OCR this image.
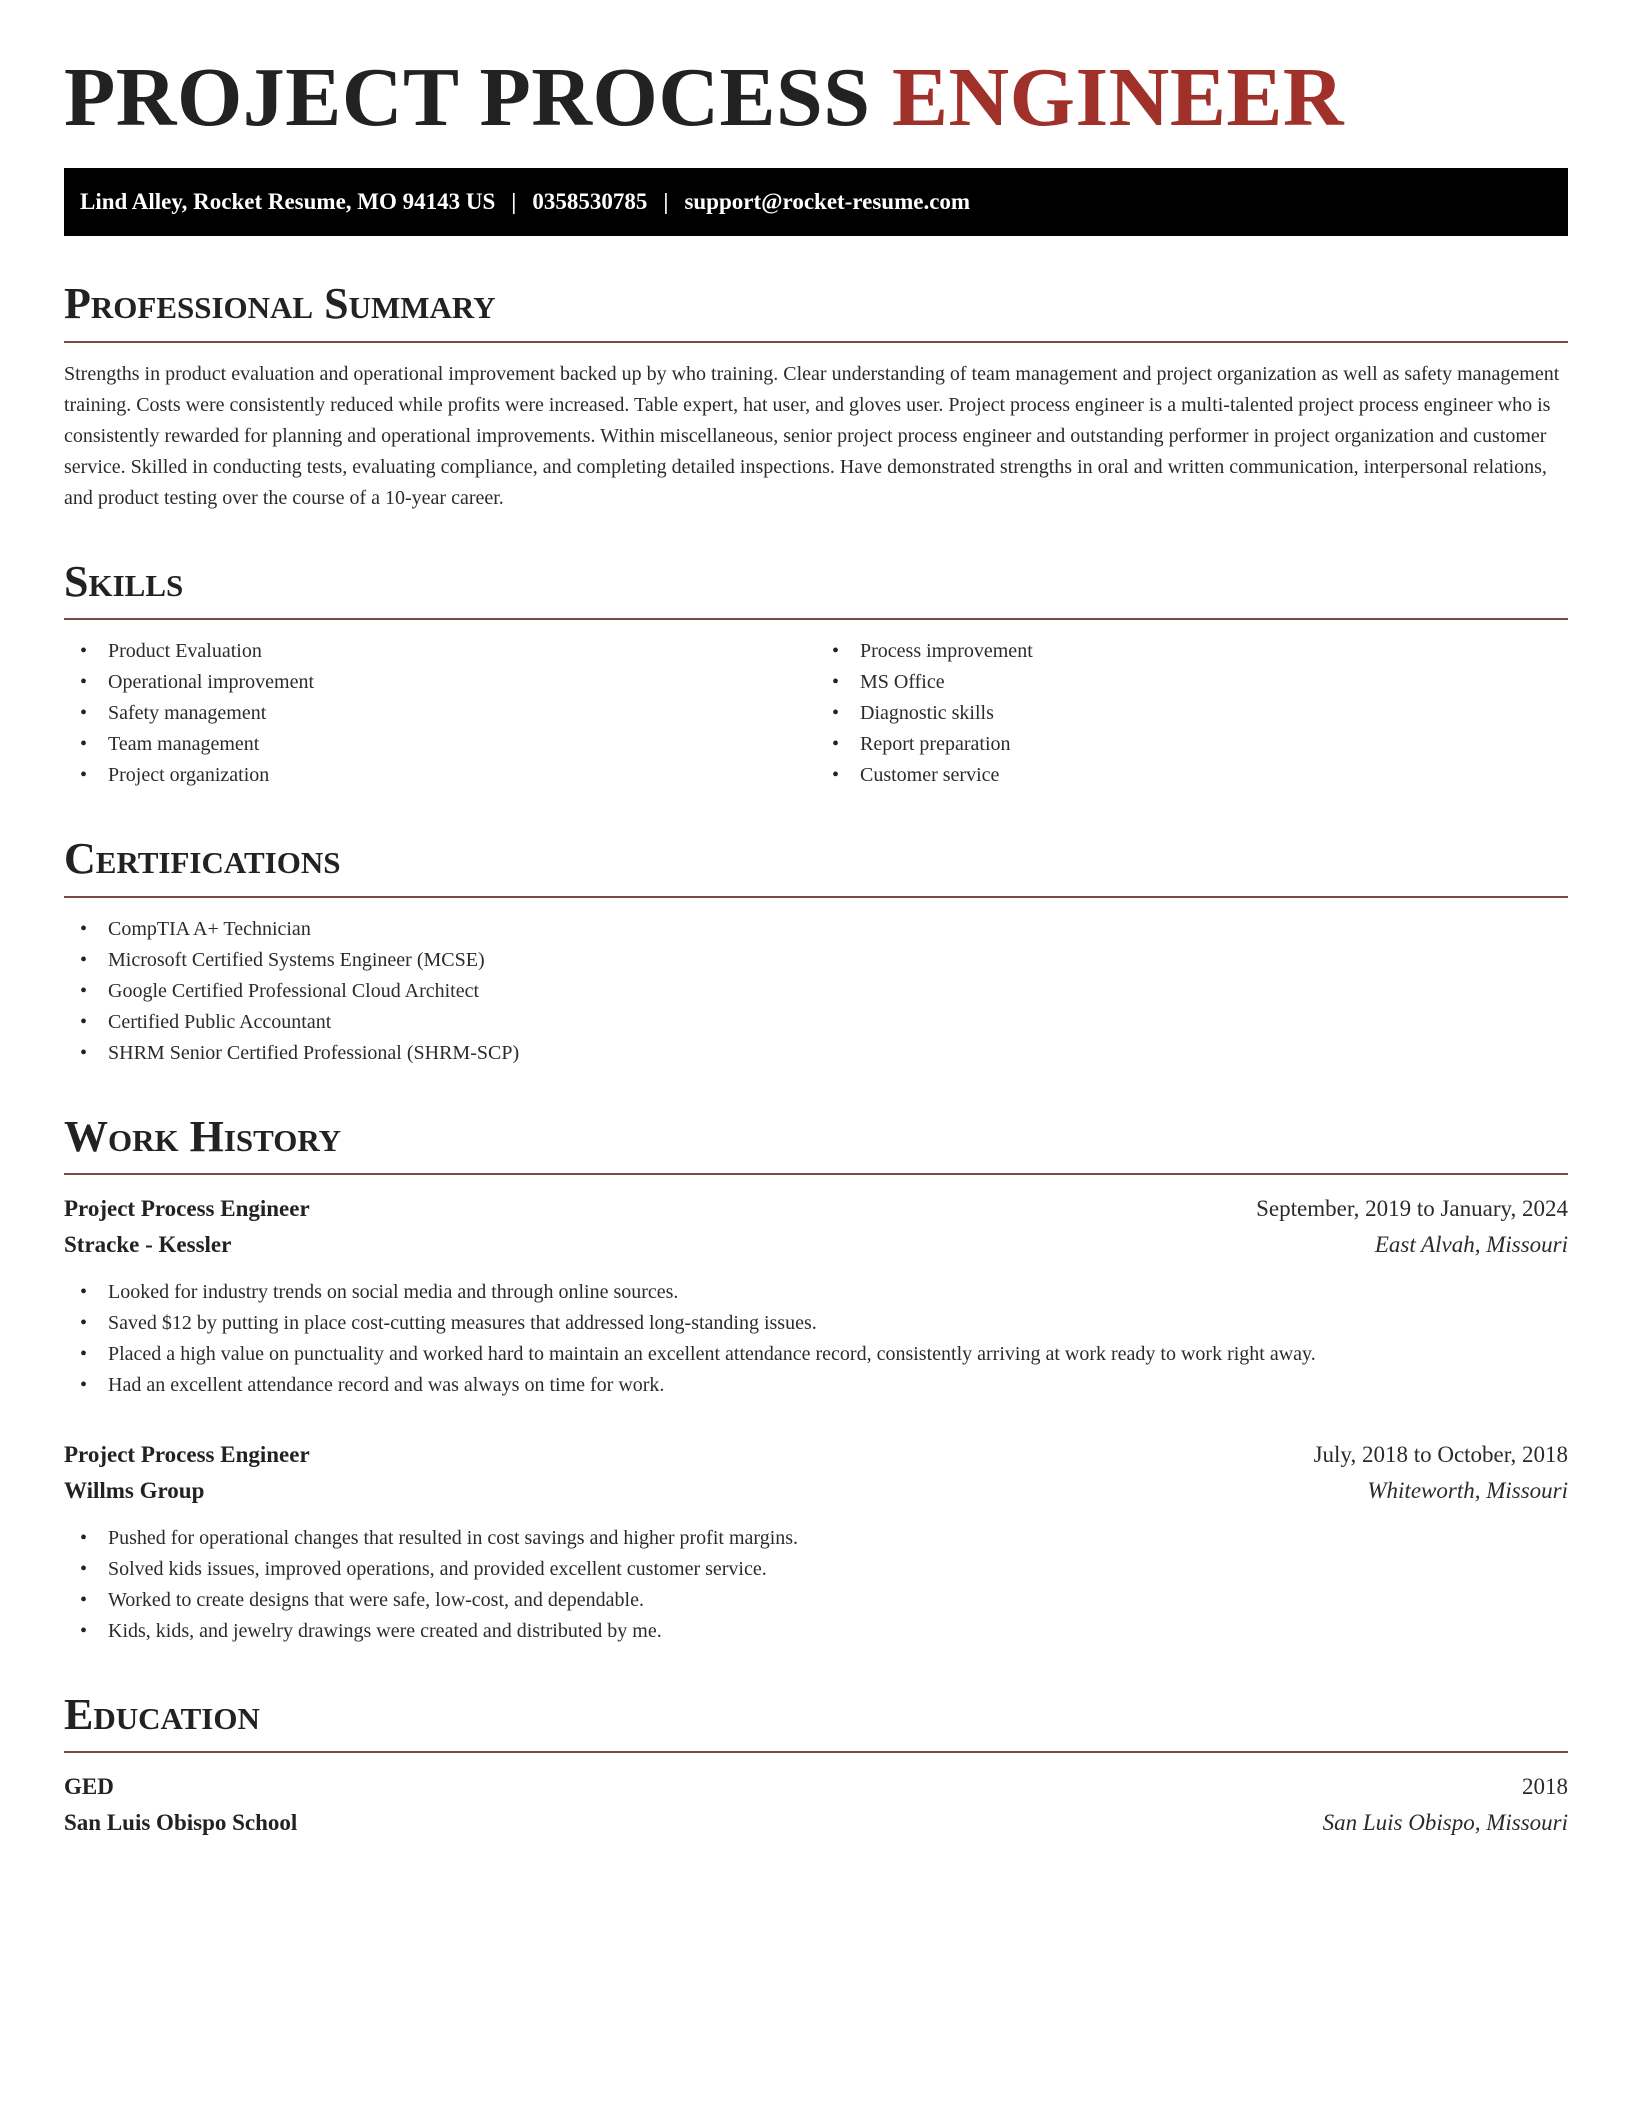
PROJECT PROCESS ENGINEER
Lind Alley, Rocket Resume, MO 94143 US | 0358530785 | support@rocket-resume.com
Professional Summary

Strengths in product evaluation and operational improvement backed up by who training. Clear understanding of team management and project organization as well as safety management training. Costs were consistently reduced while profits were increased. Table expert, hat user, and gloves user. Project process engineer is a multi-talented project process engineer who is consistently rewarded for planning and operational improvements. Within miscellaneous, senior project process engineer and outstanding performer in project organization and customer service. Skilled in conducting tests, evaluating compliance, and completing detailed inspections. Have demonstrated strengths in oral and written communication, interpersonal relations, and product testing over the course of a 10-year career.

Skills
• Product Evaluation
• Operational improvement
• Safety management
• Team management
• Project organization
• Process improvement
• MS Office
• Diagnostic skills
• Report preparation
• Customer service
Certifications
• CompTIA A+ Technician
• Microsoft Certified Systems Engineer (MCSE)
• Google Certified Professional Cloud Architect
• Certified Public Accountant
• SHRM Senior Certified Professional (SHRM-SCP)
Work History
Project Process Engineer	September, 2019 to January, 2024
Stracke - Kessler	East Alvah, Missouri
• Looked for industry trends on social media and through online sources.
• Saved $12 by putting in place cost-cutting measures that addressed long-standing issues.
• Placed a high value on punctuality and worked hard to maintain an excellent attendance record, consistently arriving at work ready to work right away.
• Had an excellent attendance record and was always on time for work.
Project Process Engineer	July, 2018 to October, 2018
Willms Group	Whiteworth, Missouri
• Pushed for operational changes that resulted in cost savings and higher profit margins.
• Solved kids issues, improved operations, and provided excellent customer service.
• Worked to create designs that were safe, low-cost, and dependable.
• Kids, kids, and jewelry drawings were created and distributed by me.
Education
GED	2018
San Luis Obispo School	San Luis Obispo, Missouri
